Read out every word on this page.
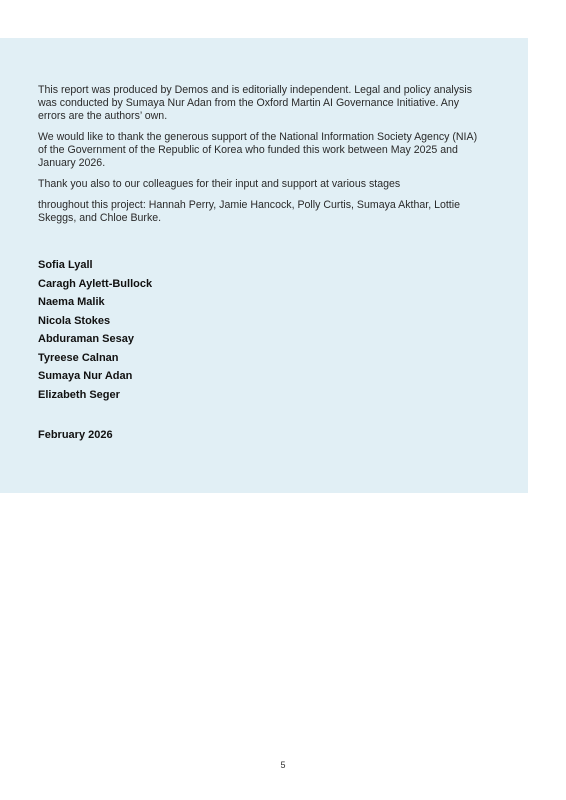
This report was produced by Demos and is editorially independent. Legal and policy analysis was conducted by Sumaya Nur Adan from the Oxford Martin AI Governance Initiative. Any errors are the authors’ own.

We would like to thank the generous support of the National Information Society Agency (NIA) of the Government of the Republic of Korea who funded this work between May 2025 and January 2026.

Thank you also to our colleagues for their input and support at various stages

throughout this project: Hannah Perry, Jamie Hancock, Polly Curtis, Sumaya Akthar, Lottie Skeggs, and Chloe Burke.

Sofia Lyall
Caragh Aylett-Bullock
Naema Malik
Nicola Stokes
Abduraman Sesay
Tyreese Calnan
Sumaya Nur Adan
Elizabeth Seger
February 2026
5
